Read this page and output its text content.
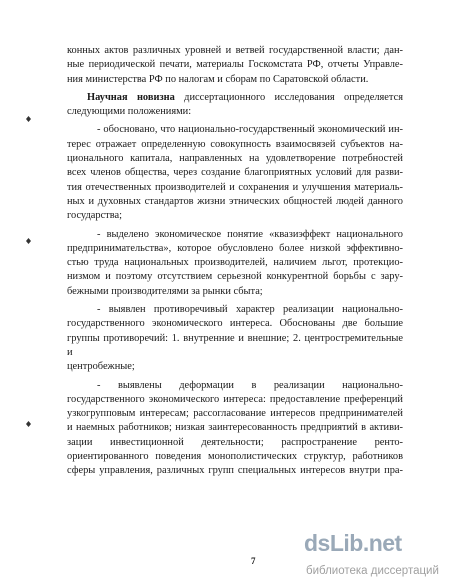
конных актов различных уровней и ветвей государственной власти; дан-

ные периодической печати, материалы Госкомстата РФ, отчеты Управле-

ния министерства РФ по налогам и сборам по Саратовской области.

Научная новизна диссертационного исследования определяется

следующими положениями:

- обосновано, что национально-государственный экономический ин-

терес отражает определенную совокупность взаимосвязей субъектов на-

ционального капитала, направленных на удовлетворение потребностей

всех членов общества, через создание благоприятных условий для разви-

тия отечественных производителей и сохранения и улучшения материаль-

ных и духовных стандартов жизни этнических общностей людей данного

государства;

- выделено экономическое понятие «квазиэффект национального

предпринимательства», которое обусловлено более низкой эффективно-

стью труда национальных производителей, наличием льгот, протекцио-

низмом и поэтому отсутствием серьезной конкурентной борьбы с зару-

бежными производителями за рынки сбыта;

- выявлен противоречивый характер реализации национально-

государственного экономического интереса. Обоснованы две большие

группы противоречий: 1. внутренние и внешние; 2. центростремительные и

центробежные;

- выявлены деформации в реализации национально-

государственного экономического интереса: предоставление преференций

узкогрупповым интересам; рассогласование интересов предпринимателей

и наемных работников; низкая заинтересованность предприятий в активи-

зации инвестиционной деятельности; распространение ренто-

ориентированного поведения монополистических структур, работников

сферы управления, различных групп специальных интересов внутри пра-

7
dsLib.net
библиотека диссертаций
